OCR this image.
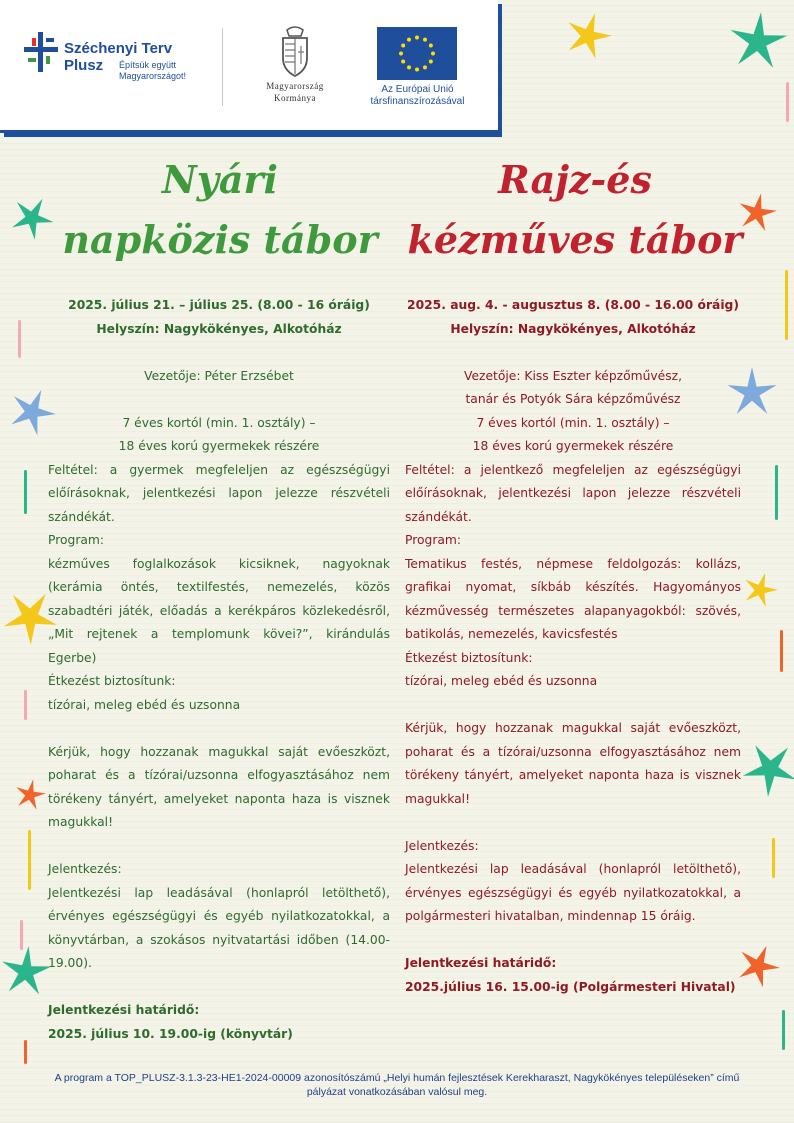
Széchenyi Terv
Plusz Építsük együtt Magyarországot!
Magyarország
Kormánya
Az Európai Unió társfinanszírozásával
Nyári
napközis tábor
Rajz-és
kézműves tábor

2025. július 21. – július 25. (8.00 - 16 óráig)

Helyszín: Nagykökényes, Alkotóház

Vezetője: Péter Erzsébet

7 éves kortól (min. 1. osztály) –

18 éves korú gyermekek részére

Feltétel: a gyermek megfeleljen az egészségügyi előírásoknak, jelentkezési lapon jelezze részvételi szándékát.

Program:

kézműves foglalkozások kicsiknek, nagyoknak (kerámia öntés, textilfestés, nemezelés, közös szabadtéri játék, előadás a kerékpáros közlekedésről, „Mit rejtenek a templomunk kövei?”, kirándulás Egerbe)

Étkezést biztosítunk:

tízórai, meleg ebéd és uzsonna

Kérjük, hogy hozzanak magukkal saját evőeszközt, poharat és a tízórai/uzsonna elfogyasztásához nem törékeny tányért, amelyeket naponta haza is visznek magukkal!

Jelentkezés:

Jelentkezési lap leadásával (honlapról letölthető), érvényes egészségügyi és egyéb nyilatkozatokkal, a könyvtárban, a szokásos nyitvatartási időben (14.00-19.00).

Jelentkezési határidő:

2025. július 10. 19.00-ig (könyvtár)

2025. aug. 4. - augusztus 8. (8.00 - 16.00 óráig)

Helyszín: Nagykökényes, Alkotóház

Vezetője: Kiss Eszter képzőművész,

tanár és Potyók Sára képzőművész

7 éves kortól (min. 1. osztály) –

18 éves korú gyermekek részére

Feltétel: a jelentkező megfeleljen az egészségügyi előírásoknak, jelentkezési lapon jelezze részvételi szándékát.

Program:

Tematikus festés, népmese feldolgozás: kollázs, grafikai nyomat, síkbáb készítés. Hagyományos kézművesség természetes alapanyagokból: szövés, batikolás, nemezelés, kavicsfestés

Étkezést biztosítunk:

tízórai, meleg ebéd és uzsonna

Kérjük, hogy hozzanak magukkal saját evőeszközt, poharat és a tízórai/uzsonna elfogyasztásához nem törékeny tányért, amelyeket naponta haza is visznek magukkal!

Jelentkezés:

Jelentkezési lap leadásával (honlapról letölthető), érvényes egészségügyi és egyéb nyilatkozatokkal, a polgármesteri hivatalban, mindennap 15 óráig.

Jelentkezési határidő:

2025.július 16. 15.00-ig (Polgármesteri Hivatal)

A program a TOP_PLUSZ-3.1.3-23-HE1-2024-00009 azonosítószámú „Helyi humán fejlesztések Kerekharaszt, Nagykökényes településeken” című pályázat vonatkozásában valósul meg.
